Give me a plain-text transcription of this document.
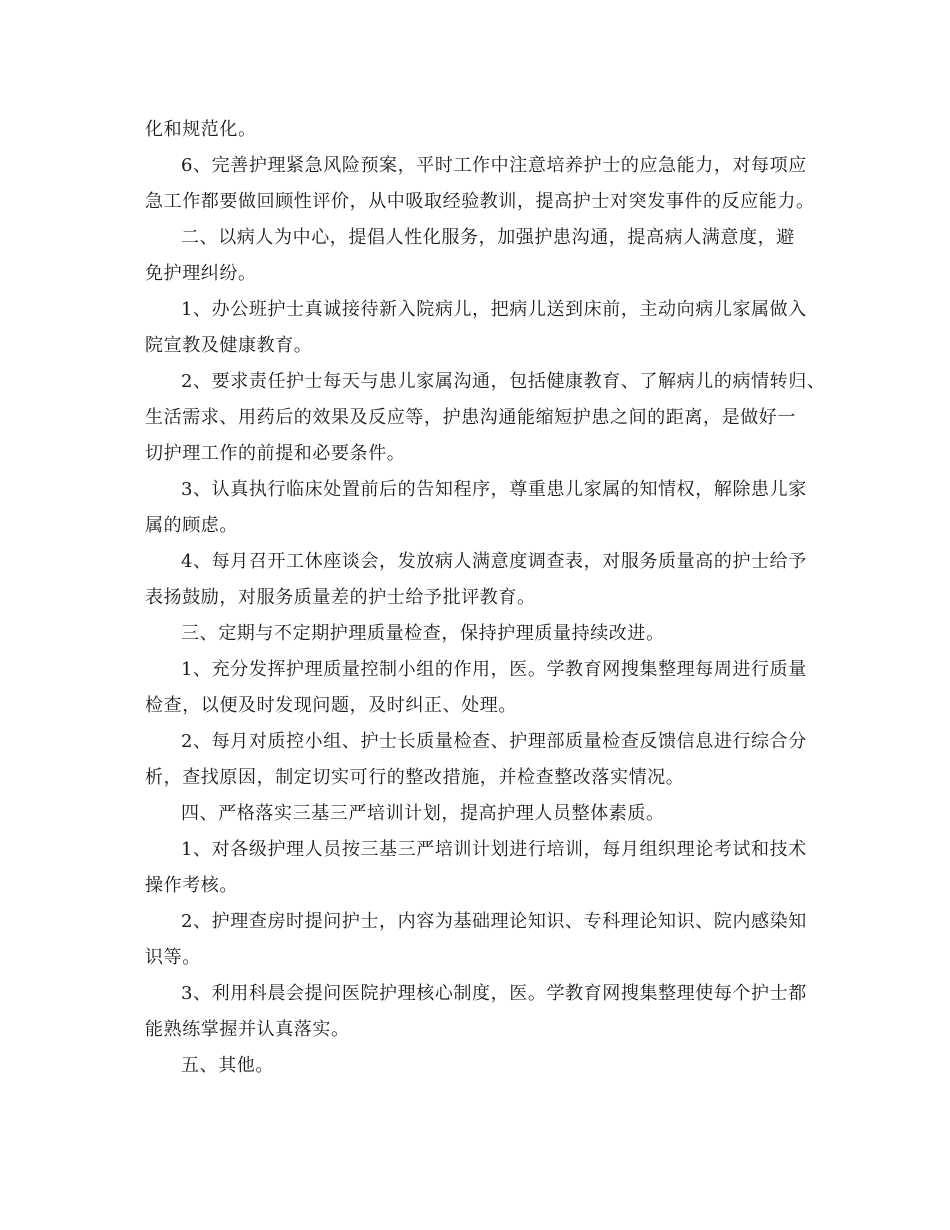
化和规范化。

6、完善护理紧急风险预案，平时工作中注意培养护士的应急能力，对每项应

急工作都要做回顾性评价，从中吸取经验教训，提高护士对突发事件的反应能力。

二、以病人为中心，提倡人性化服务，加强护患沟通，提高病人满意度，避

免护理纠纷。

1、办公班护士真诚接待新入院病儿，把病儿送到床前，主动向病儿家属做入

院宣教及健康教育。

2、要求责任护士每天与患儿家属沟通，包括健康教育、了解病儿的病情转归、

生活需求、用药后的效果及反应等，护患沟通能缩短护患之间的距离，是做好一

切护理工作的前提和必要条件。

3、认真执行临床处置前后的告知程序，尊重患儿家属的知情权，解除患儿家

属的顾虑。

4、每月召开工休座谈会，发放病人满意度调查表，对服务质量高的护士给予

表扬鼓励，对服务质量差的护士给予批评教育。

三、定期与不定期护理质量检查，保持护理质量持续改进。

1、充分发挥护理质量控制小组的作用，医。学教育网搜集整理每周进行质量

检查，以便及时发现问题，及时纠正、处理。

2、每月对质控小组、护士长质量检查、护理部质量检查反馈信息进行综合分

析，查找原因，制定切实可行的整改措施，并检查整改落实情况。

四、严格落实三基三严培训计划，提高护理人员整体素质。

1、对各级护理人员按三基三严培训计划进行培训，每月组织理论考试和技术

操作考核。

2、护理查房时提问护士，内容为基础理论知识、专科理论知识、院内感染知

识等。

3、利用科晨会提问医院护理核心制度，医。学教育网搜集整理使每个护士都

能熟练掌握并认真落实。

五、其他。
